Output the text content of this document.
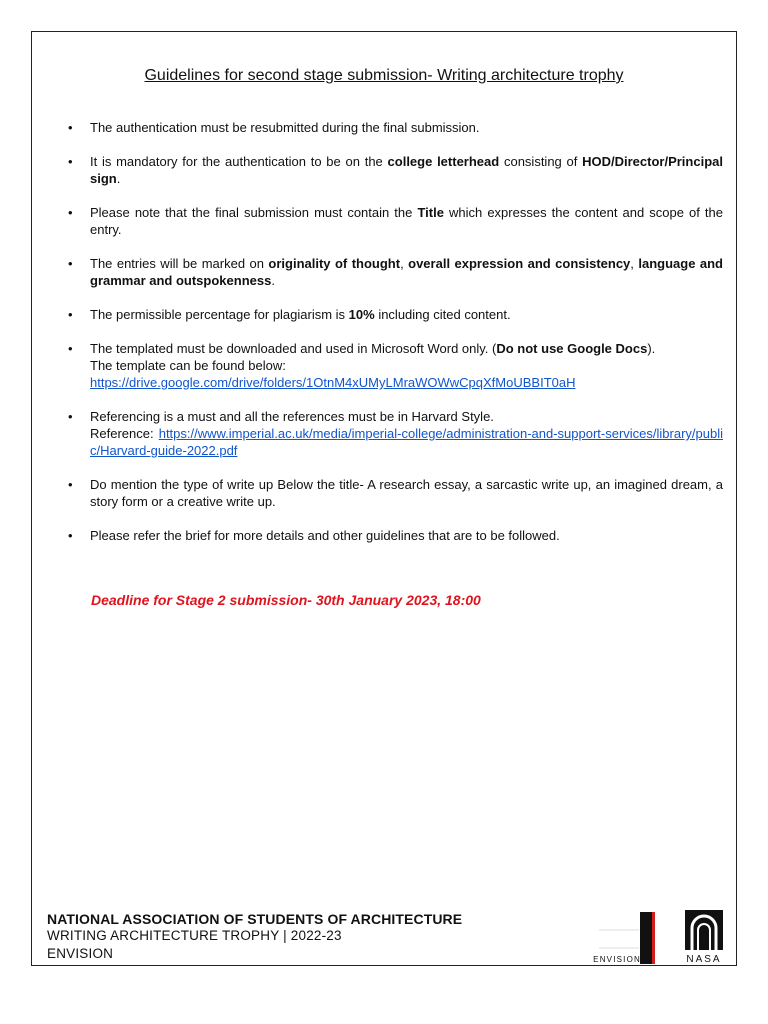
Guidelines for second stage submission- Writing architecture trophy
• The authentication must be resubmitted during the final submission.
• It is mandatory for the authentication to be on the college letterhead consisting of HOD/Director/Principal sign.
• Please note that the final submission must contain the Title which expresses the content and scope of the entry.
• The entries will be marked on originality of thought, overall expression and consistency, language and grammar and outspokenness.
• The permissible percentage for plagiarism is 10% including cited content.
• The templated must be downloaded and used in Microsoft Word only. (Do not use Google Docs).
The template can be found below:
https://drive.google.com/drive/folders/1OtnM4xUMyLMraWOWwCpqXfMoUBBIT0aH
• Referencing is a must and all the references must be in Harvard Style.
Reference: https://www.imperial.ac.uk/media/imperial-college/administration-and-support-services/library/public/Harvard-guide-2022.pdf
• Do mention the type of write up Below the title- A research essay, a sarcastic write up, an imagined dream, a story form or a creative write up.
• Please refer the brief for more details and other guidelines that are to be followed.
Deadline for Stage 2 submission- 30th January 2023, 18:00
NATIONAL ASSOCIATION OF STUDENTS OF ARCHITECTURE
WRITING ARCHITECTURE TROPHY | 2022-23
ENVISION	ENVISION	NASA
